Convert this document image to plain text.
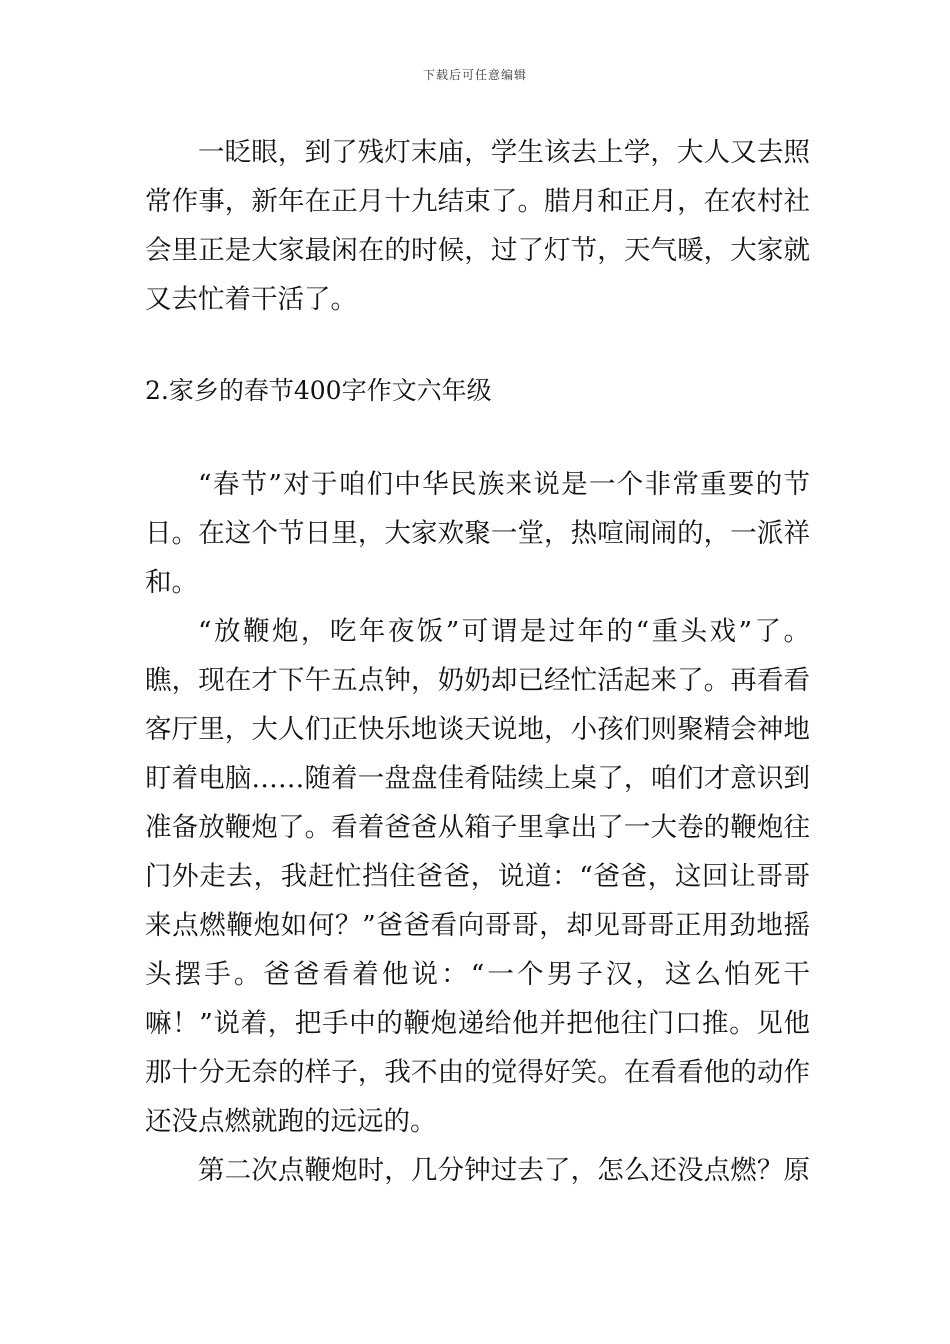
下载后可任意编辑
一眨眼，到了残灯末庙，学生该去上学，大人又去照
常作事，新年在正月十九结束了。腊月和正月，在农村社
会里正是大家最闲在的时候，过了灯节，天气暖，大家就
又去忙着干活了。
2.家乡的春节400字作文六年级
“春节”对于咱们中华民族来说是一个非常重要的节
日。在这个节日里，大家欢聚一堂，热喧闹闹的，一派祥
和。
“放鞭炮，吃年夜饭”可谓是过年的“重头戏”了。
瞧，现在才下午五点钟，奶奶却已经忙活起来了。再看看
客厅里，大人们正快乐地谈天说地，小孩们则聚精会神地
盯着电脑……随着一盘盘佳肴陆续上桌了，咱们才意识到
准备放鞭炮了。看着爸爸从箱子里拿出了一大卷的鞭炮往
门外走去，我赶忙挡住爸爸，说道：“爸爸，这回让哥哥
来点燃鞭炮如何？”爸爸看向哥哥，却见哥哥正用劲地摇
头摆手。爸爸看着他说：“一个男子汉，这么怕死干
嘛！”说着，把手中的鞭炮递给他并把他往门口推。见他
那十分无奈的样子，我不由的觉得好笑。在看看他的动作
还没点燃就跑的远远的。
第二次点鞭炮时，几分钟过去了，怎么还没点燃？原
